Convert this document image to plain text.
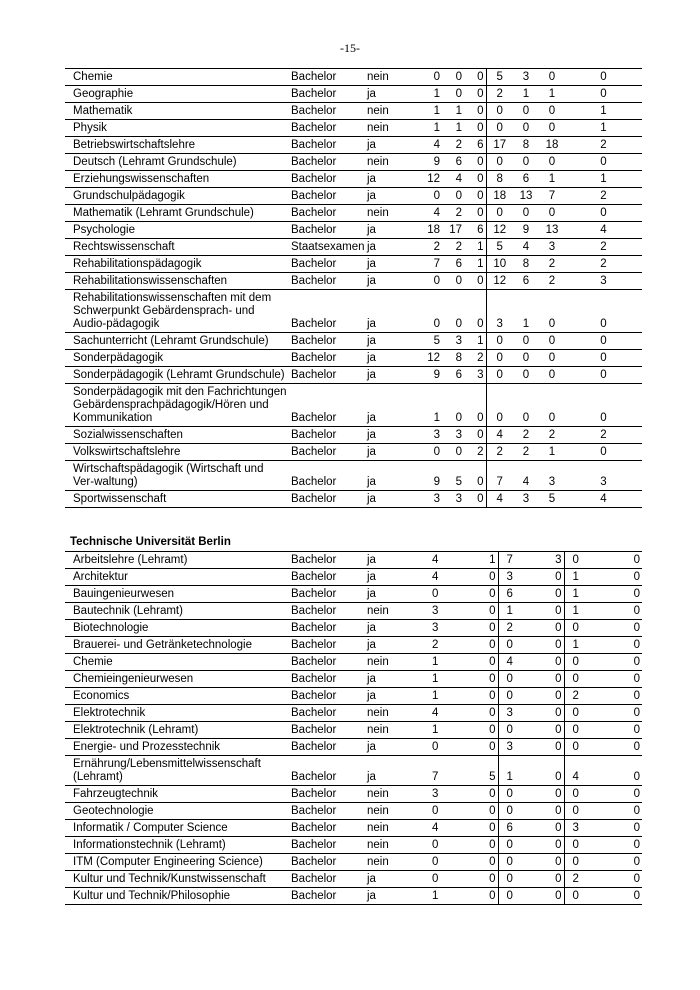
-15-
Chemie	Bachelor	nein	0	0	0	5	3	0	0
Geographie	Bachelor	ja	1	0	0	2	1	1	0
Mathematik	Bachelor	nein	1	1	0	0	0	0	1
Physik	Bachelor	nein	1	1	0	0	0	0	1
Betriebswirtschaftslehre	Bachelor	ja	4	2	6	17	8	18	2
Deutsch (Lehramt Grundschule)	Bachelor	nein	9	6	0	0	0	0	0
Erziehungswissenschaften	Bachelor	ja	12	4	0	8	6	1	1
Grundschulpädagogik	Bachelor	ja	0	0	0	18	13	7	2
Mathematik (Lehramt Grundschule)	Bachelor	nein	4	2	0	0	0	0	0
Psychologie	Bachelor	ja	18	17	6	12	9	13	4
Rechtswissenschaft	Staatsexamen	ja	2	2	1	5	4	3	2
Rehabilitationspädagogik	Bachelor	ja	7	6	1	10	8	2	2
Rehabilitationswissenschaften	Bachelor	ja	0	0	0	12	6	2	3
Rehabilitationswissenschaften mit dem Schwerpunkt Gebärdensprach- und Audio-pädagogik	Bachelor	ja	0	0	0	3	1	0	0
Sachunterricht (Lehramt Grundschule)	Bachelor	ja	5	3	1	0	0	0	0
Sonderpädagogik	Bachelor	ja	12	8	2	0	0	0	0
Sonderpädagogik (Lehramt Grundschule)	Bachelor	ja	9	6	3	0	0	0	0
Sonderpädagogik mit den Fachrichtungen Gebärdensprachpädagogik/Hören und Kommunikation	Bachelor	ja	1	0	0	0	0	0	0
Sozialwissenschaften	Bachelor	ja	3	3	0	4	2	2	2
Volkswirtschaftslehre	Bachelor	ja	0	0	2	2	2	1	0
Wirtschaftspädagogik (Wirtschaft und Ver-waltung)	Bachelor	ja	9	5	0	7	4	3	3
Sportwissenschaft	Bachelor	ja	3	3	0	4	3	5	4
Technische Universität Berlin
Arbeitslehre (Lehramt)	Bachelor	ja	4	1	7	3	0	0
Architektur	Bachelor	ja	4	0	3	0	1	0
Bauingenieurwesen	Bachelor	ja	0	0	6	0	1	0
Bautechnik (Lehramt)	Bachelor	nein	3	0	1	0	1	0
Biotechnologie	Bachelor	ja	3	0	2	0	0	0
Brauerei- und Getränketechnologie	Bachelor	ja	2	0	0	0	1	0
Chemie	Bachelor	nein	1	0	4	0	0	0
Chemieingenieurwesen	Bachelor	ja	1	0	0	0	0	0
Economics	Bachelor	ja	1	0	0	0	2	0
Elektrotechnik	Bachelor	nein	4	0	3	0	0	0
Elektrotechnik (Lehramt)	Bachelor	nein	1	0	0	0	0	0
Energie- und Prozesstechnik	Bachelor	ja	0	0	3	0	0	0
Ernährung/Lebensmittelwissenschaft (Lehramt)	Bachelor	ja	7	5	1	0	4	0
Fahrzeugtechnik	Bachelor	nein	3	0	0	0	0	0
Geotechnologie	Bachelor	nein	0	0	0	0	0	0
Informatik / Computer Science	Bachelor	nein	4	0	6	0	3	0
Informationstechnik (Lehramt)	Bachelor	nein	0	0	0	0	0	0
ITM (Computer Engineering Science)	Bachelor	nein	0	0	0	0	0	0
Kultur und Technik/Kunstwissenschaft	Bachelor	ja	0	0	0	0	2	0
Kultur und Technik/Philosophie	Bachelor	ja	1	0	0	0	0	0
